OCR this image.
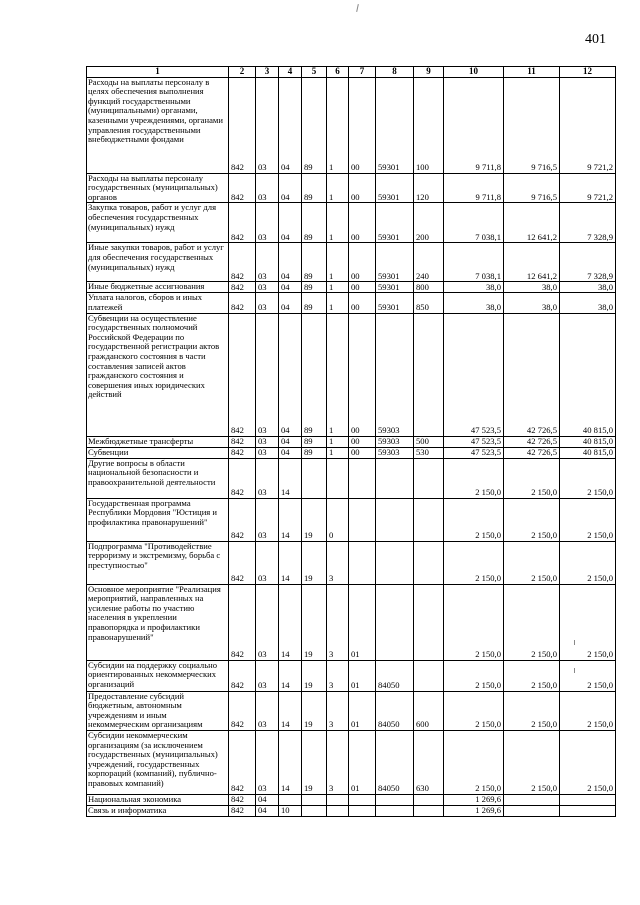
401
1	2	3	4	5	6	7	8	9	10	11	12
Расходы на выплаты персоналу в целях обеспечения выполнения функций государственными (муниципальными) органами, казенными учреждениями, органами управления государственными внебюджетными фондами	842	03	04	89	1	00	59301	100	9 711,8	9 716,5	9 721,2
Расходы на выплаты персоналу государственных (муниципальных) органов	842	03	04	89	1	00	59301	120	9 711,8	9 716,5	9 721,2
Закупка товаров, работ и услуг для обеспечения государственных (муниципальных) нужд	842	03	04	89	1	00	59301	200	7 038,1	12 641,2	7 328,9
Иные закупки товаров, работ и услуг для обеспечения государственных (муниципальных) нужд	842	03	04	89	1	00	59301	240	7 038,1	12 641,2	7 328,9
Иные бюджетные ассигнования	842	03	04	89	1	00	59301	800	38,0	38,0	38,0
Уплата налогов, сборов и иных платежей	842	03	04	89	1	00	59301	850	38,0	38,0	38,0
Субвенции на осуществление государственных полномочий Российской Федерации по государственной регистрации актов гражданского состояния в части составления записей актов гражданского состояния и совершения иных юридических действий	842	03	04	89	1	00	59303		47 523,5	42 726,5	40 815,0
Межбюджетные трансферты	842	03	04	89	1	00	59303	500	47 523,5	42 726,5	40 815,0
Субвенции	842	03	04	89	1	00	59303	530	47 523,5	42 726,5	40 815,0
Другие вопросы в области национальной безопасности и правоохранительной деятельности	842	03	14						2 150,0	2 150,0	2 150,0
Государственная программа Республики Мордовия "Юстиция и профилактика правонарушений"	842	03	14	19	0				2 150,0	2 150,0	2 150,0
Подпрограмма "Противодействие терроризму и экстремизму, борьба с преступностью"	842	03	14	19	3				2 150,0	2 150,0	2 150,0
Основное мероприятие "Реализация мероприятий, направленных на усиление работы по участию населения в укреплении правопорядка и профилактики правонарушений"	842	03	14	19	3	01			2 150,0	2 150,0	2 150,0
Субсидии на поддержку социально ориентированных некоммерческих организаций	842	03	14	19	3	01	84050		2 150,0	2 150,0	2 150,0
Предоставление субсидий бюджетным, автономным учреждениям и иным некоммерческим организациям	842	03	14	19	3	01	84050	600	2 150,0	2 150,0	2 150,0
Субсидии некоммерческим организациям (за исключением государственных (муниципальных) учреждений, государственных корпораций (компаний), публично-правовых компаний)	842	03	14	19	3	01	84050	630	2 150,0	2 150,0	2 150,0
Национальная экономика	842	04							1 269,6		
Связь и информатика	842	04	10						1 269,6		
